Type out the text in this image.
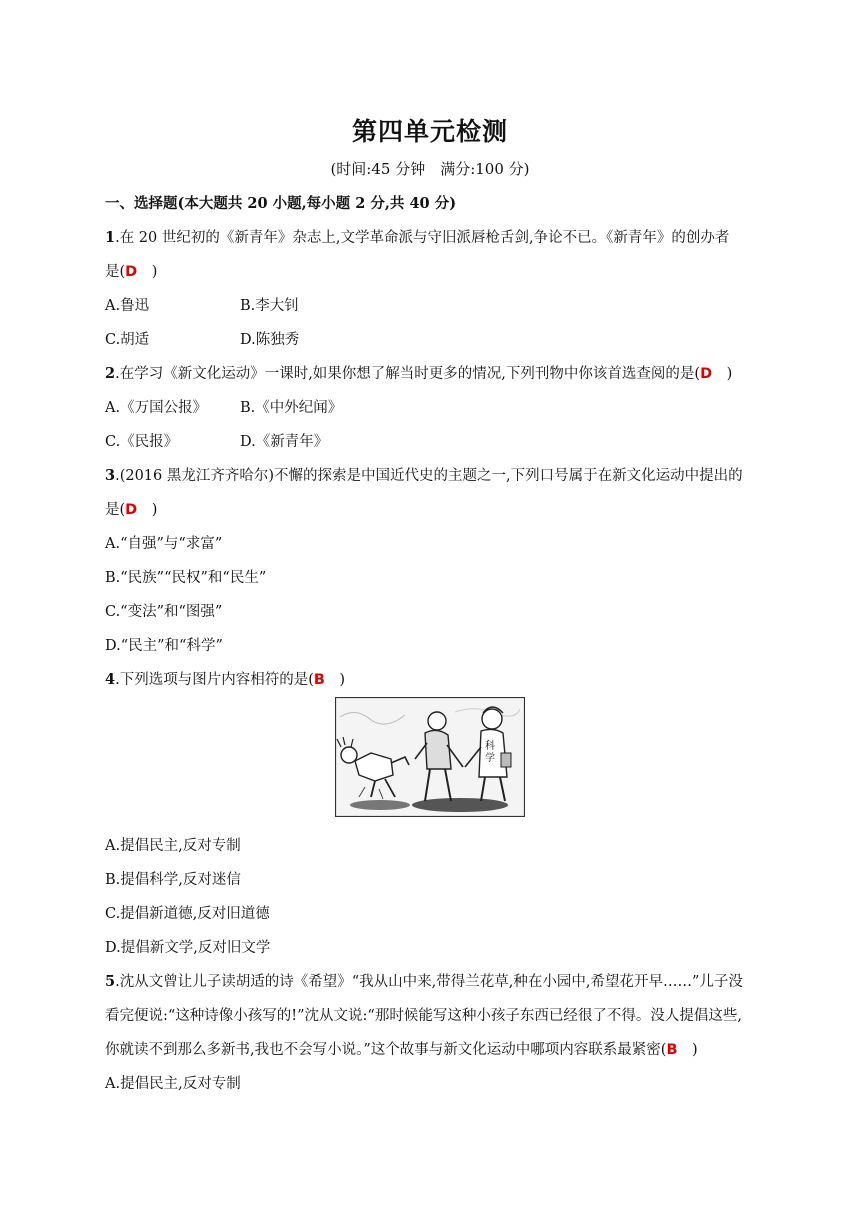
第四单元检测
(时间:45 分钟　满分:100 分)
一、选择题(本大题共 20 小题,每小题 2 分,共 40 分)
1.在 20 世纪初的《新青年》杂志上,文学革命派与守旧派唇枪舌剑,争论不已。《新青年》的创办者
是(D　)
A.鲁迅	B.李大钊
C.胡适	D.陈独秀
2.在学习《新文化运动》一课时,如果你想了解当时更多的情况,下列刊物中你该首选查阅的是(D　)
A.《万国公报》 B.《中外纪闻》
C.《民报》	D.《新青年》
3.(2016 黑龙江齐齐哈尔)不懈的探索是中国近代史的主题之一,下列口号属于在新文化运动中提出的
是(D　)
A.“自强”与“求富”
B.“民族”“民权”和“民生”
C.“变法”和“图强”
D.“民主”和“科学”
4.下列选项与图片内容相符的是(B　)
科
学
A.提倡民主,反对专制
B.提倡科学,反对迷信
C.提倡新道德,反对旧道德
D.提倡新文学,反对旧文学
5.沈从文曾让儿子读胡适的诗《希望》“我从山中来,带得兰花草,种在小园中,希望花开早……”儿子没
看完便说:“这种诗像小孩写的!”沈从文说:“那时候能写这种小孩子东西已经很了不得。没人提倡这些,
你就读不到那么多新书,我也不会写小说。”这个故事与新文化运动中哪项内容联系最紧密(B　)
A.提倡民主,反对专制
